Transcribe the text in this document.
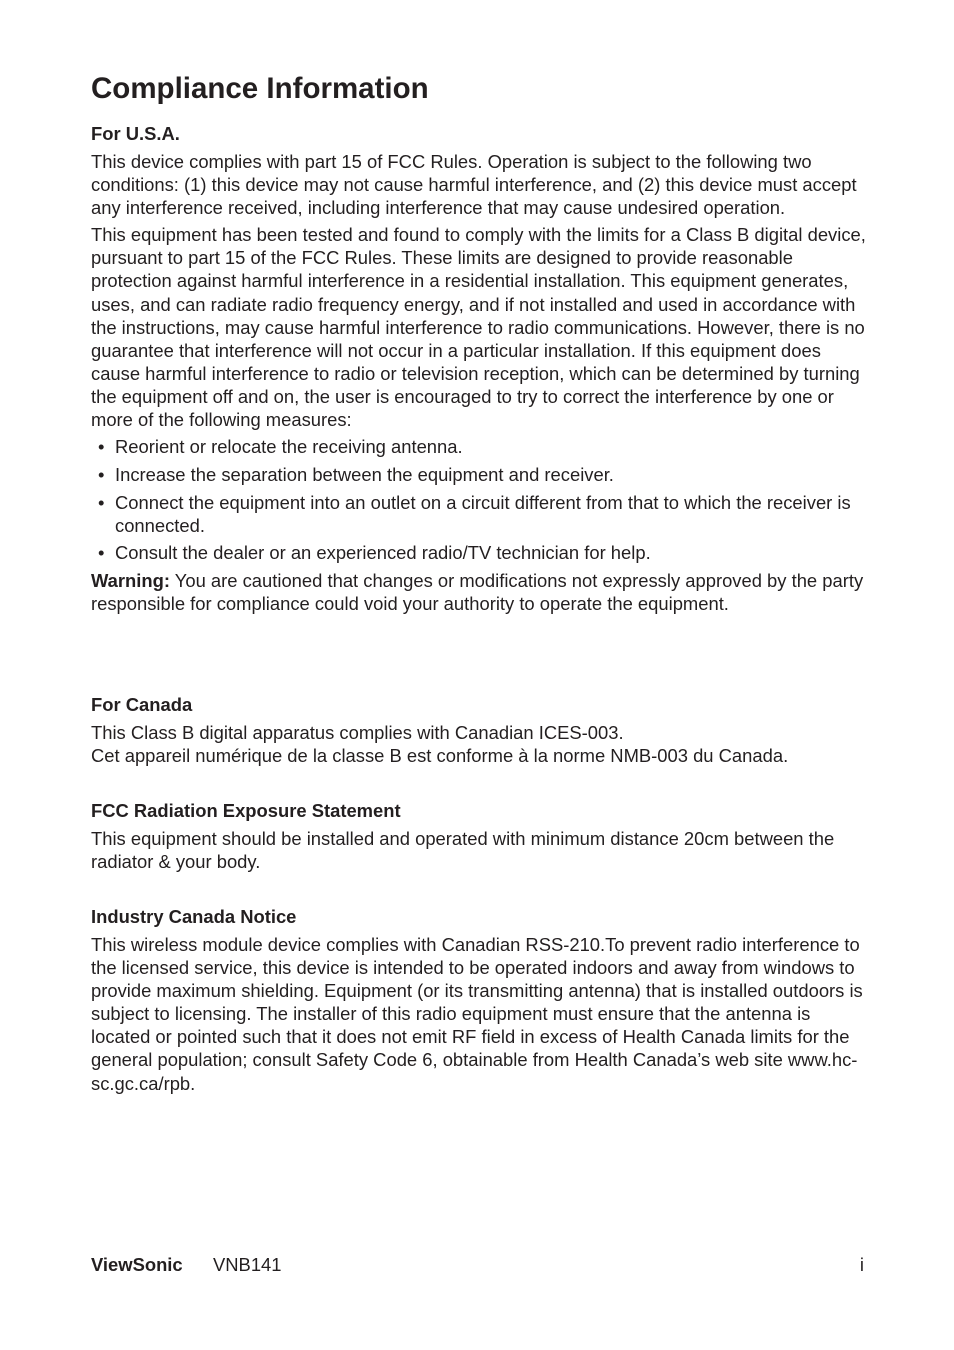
Compliance Information
For U.S.A.

This device complies with part 15 of FCC Rules. Operation is subject to the following two conditions: (1) this device may not cause harmful interference, and (2) this device must accept any interference received, including interference that may cause undesired operation.

This equipment has been tested and found to comply with the limits for a Class B digital device, pursuant to part 15 of the FCC Rules. These limits are designed to provide reasonable protection against harmful interference in a residential installation. This equipment generates, uses, and can radiate radio frequency energy, and if not installed and used in accordance with the instructions, may cause harmful interference to radio communications. However, there is no guarantee that interference will not occur in a particular installation. If this equipment does cause harmful interference to radio or television reception, which can be determined by turning the equipment off and on, the user is encouraged to try to correct the interference by one or more of the following measures:

• Reorient or relocate the receiving antenna.
• Increase the separation between the equipment and receiver.
• Connect the equipment into an outlet on a circuit different from that to which the receiver is connected.
• Consult the dealer or an experienced radio/TV technician for help.

Warning: You are cautioned that changes or modifications not expressly approved by the party responsible for compliance could void your authority to operate the equipment.

For Canada

This Class B digital apparatus complies with Canadian ICES-003.

Cet appareil numérique de la classe B est conforme à la norme NMB-003 du Canada.

FCC Radiation Exposure Statement

This equipment should be installed and operated with minimum distance 20cm between the radiator & your body.

Industry Canada Notice

This wireless module device complies with Canadian RSS-210.To prevent radio interference to the licensed service, this device is intended to be operated indoors and away from windows to provide maximum shielding. Equipment (or its transmitting antenna) that is installed outdoors is subject to licensing. The installer of this radio equipment must ensure that the antenna is located or pointed such that it does not emit RF field in excess of Health Canada limits for the general population; consult Safety Code 6, obtainable from Health Canada’s web site www.hc-sc.gc.ca/rpb.

ViewSonic VNB141	i
